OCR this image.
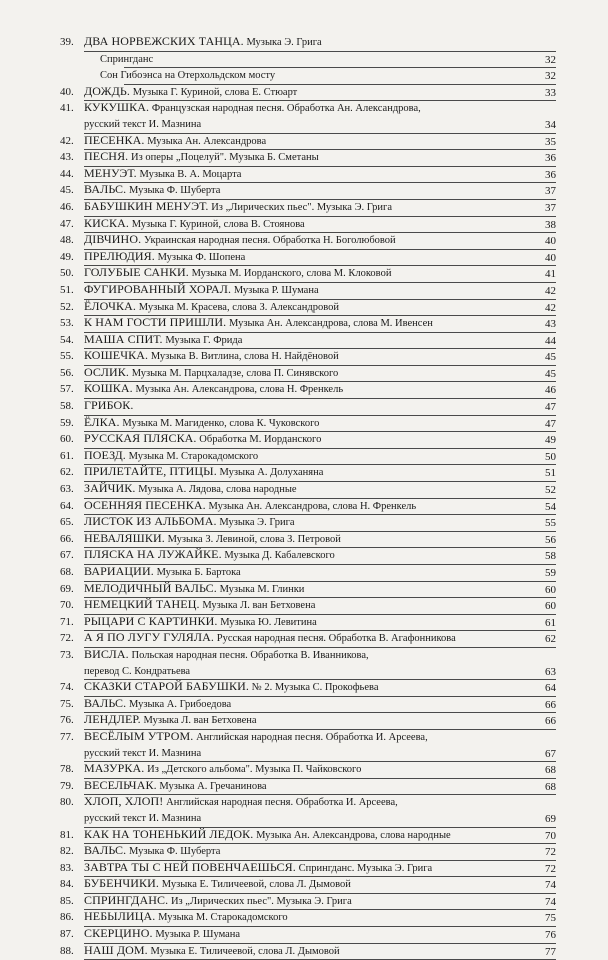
39. ДВА НОРВЕЖСКИХ ТАНЦА. Музыка Э. Грига
Спрингданс	32
Сон Гибоэнса на Отерхольдском мосту	32
40. ДОЖДЬ. Музыка Г. Куриной, слова Е. Стюарт	33
41. КУКУШКА. Французская народная песня. Обработка Ан. Александрова,
русский текст И. Мазнина	34
42. ПЕСЕНКА. Музыка Ан. Александрова	35
43. ПЕСНЯ. Из оперы „Поцелуй". Музыка Б. Сметаны	36
44. МЕНУЭТ. Музыка В. А. Моцарта	36
45. ВАЛЬС. Музыка Ф. Шуберта	37
46. БАБУШКИН МЕНУЭТ. Из „Лирических пьес". Музыка Э. Грига	37
47. КИСКА. Музыка Г. Куриной, слова В. Стоянова	38
48. ДІВЧИНО. Украинская народная песня. Обработка Н. Боголюбовой	40
49. ПРЕЛЮДИЯ. Музыка Ф. Шопена	40
50. ГОЛУБЫЕ САНКИ. Музыка М. Иорданского, слова М. Клоковой	41
51. ФУГИРОВАННЫЙ ХОРАЛ. Музыка Р. Шумана	42
52. ЁЛОЧКА. Музыка М. Красева, слова З. Александровой	42
53. К НАМ ГОСТИ ПРИШЛИ. Музыка Ан. Александрова, слова М. Ивенсен	43
54. МАША СПИТ. Музыка Г. Фрида	44
55. КОШЕЧКА. Музыка В. Витлина, слова Н. Найдёновой	45
56. ОСЛИК. Музыка М. Парцхаладзе, слова П. Синявского	45
57. КОШКА. Музыка Ан. Александрова, слова Н. Френкель	46
58. ГРИБОК.	47
59. ЁЛКА. Музыка М. Магиденко, слова К. Чуковского	47
60. РУССКАЯ ПЛЯСКА. Обработка М. Иорданского	49
61. ПОЕЗД. Музыка М. Старокадомского	50
62. ПРИЛЕТАЙТЕ, ПТИЦЫ. Музыка А. Долуханяна	51
63. ЗАЙЧИК. Музыка А. Лядова, слова народные	52
64. ОСЕННЯЯ ПЕСЕНКА. Музыка Ан. Александрова, слова Н. Френкель	54
65. ЛИСТОК ИЗ АЛЬБОМА. Музыка Э. Грига	55
66. НЕВАЛЯШКИ. Музыка З. Левиной, слова З. Петровой	56
67. ПЛЯСКА НА ЛУЖАЙКЕ. Музыка Д. Кабалевского	58
68. ВАРИАЦИИ. Музыка Б. Бартока	59
69. МЕЛОДИЧНЫЙ ВАЛЬС. Музыка М. Глинки	60
70. НЕМЕЦКИЙ ТАНЕЦ. Музыка Л. ван Бетховена	60
71. РЫЦАРИ С КАРТИНКИ. Музыка Ю. Левитина	61
72. А Я ПО ЛУГУ ГУЛЯЛА. Русская народная песня. Обработка В. Агафонникова	62
73. ВИСЛА. Польская народная песня. Обработка В. Иванникова,
перевод С. Кондратьева	63
74. СКАЗКИ СТАРОЙ БАБУШКИ. № 2. Музыка С. Прокофьева	64
75. ВАЛЬС. Музыка А. Грибоедова	66
76. ЛЕНДЛЕР. Музыка Л. ван Бетховена	66
77. ВЕСЁЛЫМ УТРОМ. Английская народная песня. Обработка И. Арсеева,
русский текст И. Мазнина	67
78. МАЗУРКА. Из „Детского альбома". Музыка П. Чайковского	68
79. ВЕСЕЛЬЧАК. Музыка А. Гречанинова	68
80. ХЛОП, ХЛОП! Английская народная песня. Обработка И. Арсеева,
русский текст И. Мазнина	69
81. КАК НА ТОНЕНЬКИЙ ЛЕДОК. Музыка Ан. Александрова, слова народные	70
82. ВАЛЬС. Музыка Ф. Шуберта	72
83. ЗАВТРА ТЫ С НЕЙ ПОВЕНЧАЕШЬСЯ. Спрингданс. Музыка Э. Грига	72
84. БУБЕНЧИКИ. Музыка Е. Тиличеевой, слова Л. Дымовой	74
85. СПРИНГДАНС. Из „Лирических пьес". Музыка Э. Грига	74
86. НЕБЫЛИЦА. Музыка М. Старокадомского	75
87. СКЕРЦИНО. Музыка Р. Шумана	76
88. НАШ ДОМ. Музыка Е. Тиличеевой, слова Л. Дымовой	77
